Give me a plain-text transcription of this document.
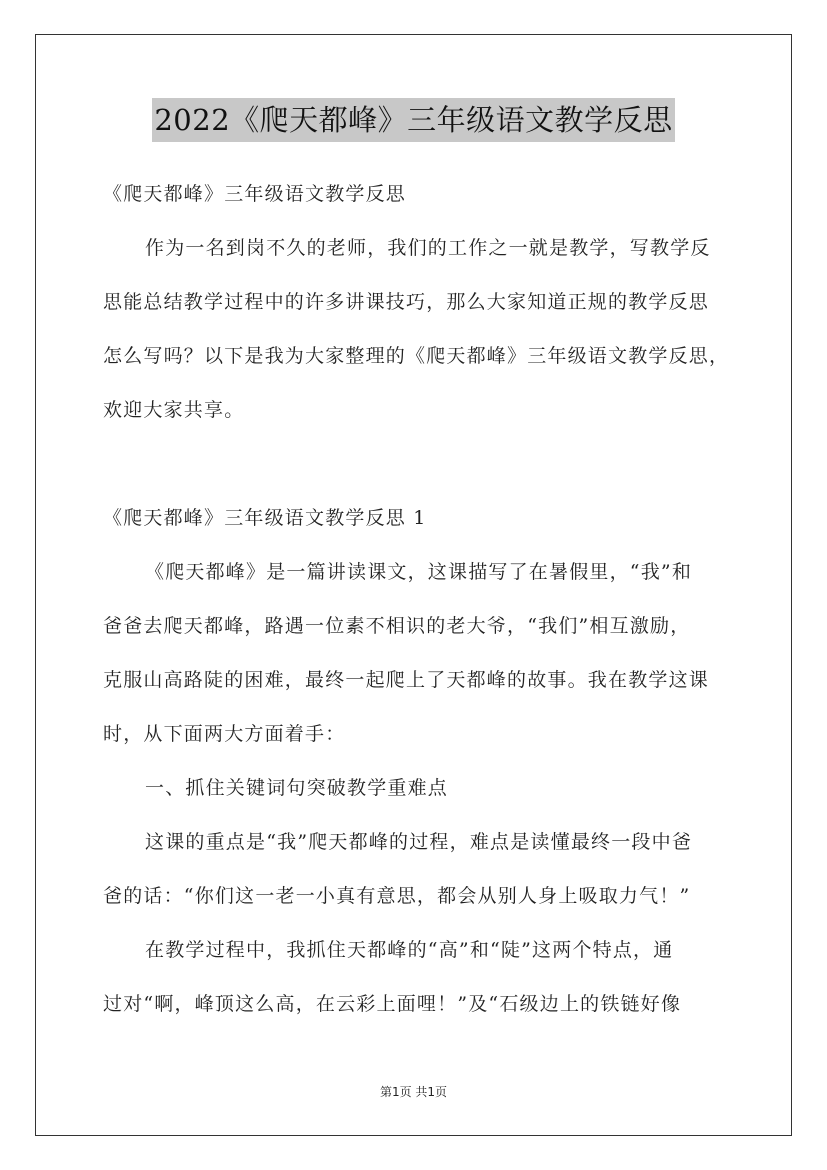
2022《爬天都峰》三年级语文教学反思
《爬天都峰》三年级语文教学反思
作为一名到岗不久的老师，我们的工作之一就是教学，写教学反
思能总结教学过程中的许多讲课技巧，那么大家知道正规的教学反思
怎么写吗？以下是我为大家整理的《爬天都峰》三年级语文教学反思，
欢迎大家共享。
《爬天都峰》三年级语文教学反思 1
《爬天都峰》是一篇讲读课文，这课描写了在暑假里，“我”和
爸爸去爬天都峰，路遇一位素不相识的老大爷，“我们”相互激励，
克服山高路陡的困难，最终一起爬上了天都峰的故事。我在教学这课
时，从下面两大方面着手：
一、抓住关键词句突破教学重难点
这课的重点是“我”爬天都峰的过程，难点是读懂最终一段中爸
爸的话：“你们这一老一小真有意思，都会从别人身上吸取力气！”
在教学过程中，我抓住天都峰的“高”和“陡”这两个特点，通
过对“啊，峰顶这么高，在云彩上面哩！”及“石级边上的铁链好像
第1页 共1页
